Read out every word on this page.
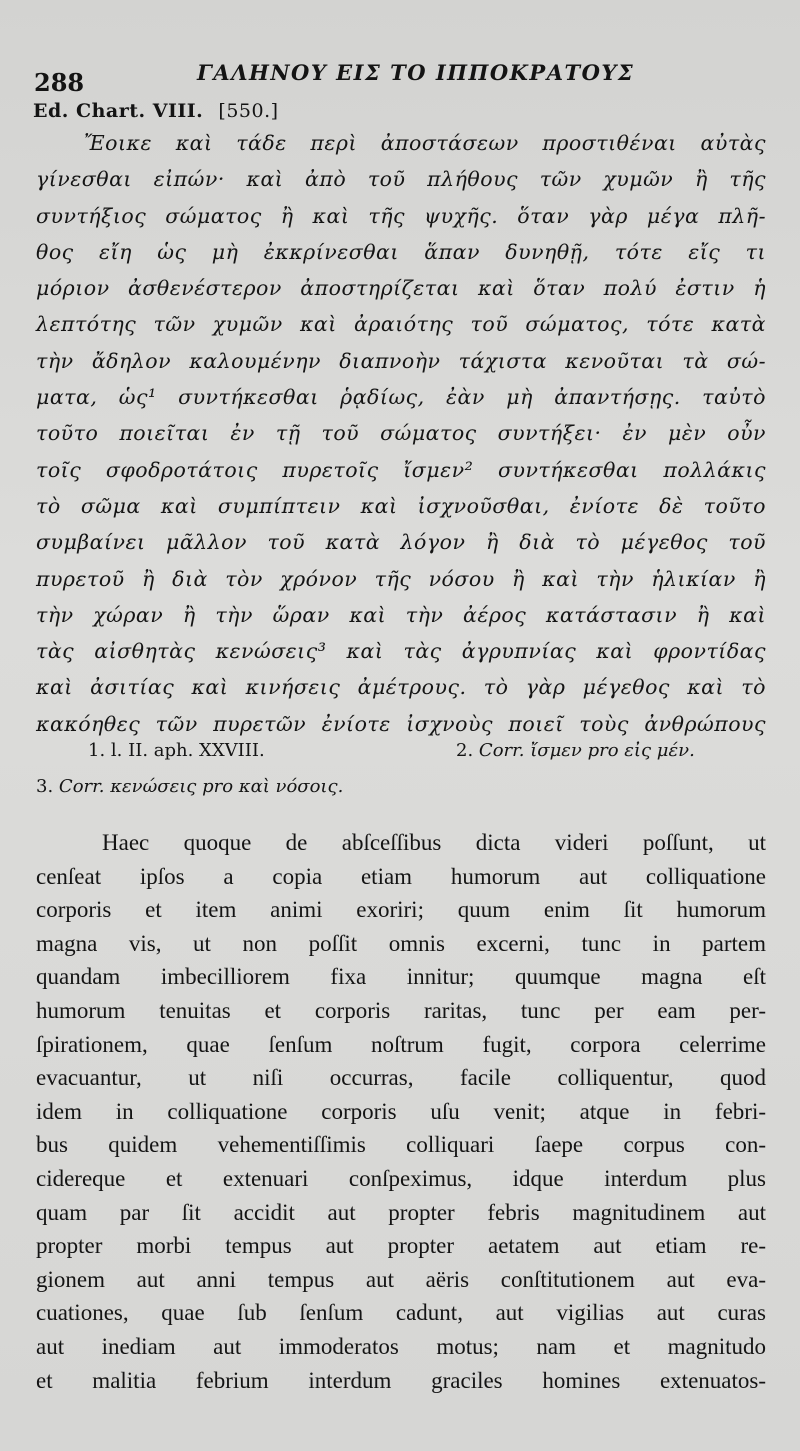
288	ΓΑΛΗΝΟΥ ΕΙΣ ΤΟ ΙΠΠΟΚΡΑΤΟΥΣ
Ed. Chart. VIII. [550.]
Ἔοικε καὶ τάδε περὶ ἀποστάσεων προστιθέναι αὐτὰς
γίνεσθαι εἰπών· καὶ ἀπὸ τοῦ πλήθους τῶν χυμῶν ἢ τῆς
συντήξιος σώματος ἢ καὶ τῆς ψυχῆς. ὅταν γὰρ μέγα πλῆ-
θος εἴη ὡς μὴ ἐκκρίνεσθαι ἅπαν δυνηθῇ, τότε εἴς τι
μόριον ἀσθενέστερον ἀποστηρίζεται καὶ ὅταν πολύ ἐστιν ἡ
λεπτότης τῶν χυμῶν καὶ ἀραιότης τοῦ σώματος, τότε κατὰ
τὴν ἄδηλον καλουμένην διαπνοὴν τάχιστα κενοῦται τὰ σώ-
ματα, ὡς¹ συντήκεσθαι ῥᾳδίως, ἐὰν μὴ ἀπαντήσῃς. ταὐτὸ
τοῦτο ποιεῖται ἐν τῇ τοῦ σώματος συντήξει· ἐν μὲν οὖν
τοῖς σφοδροτάτοις πυρετοῖς ἴσμεν² συντήκεσθαι πολλάκις
τὸ σῶμα καὶ συμπίπτειν καὶ ἰσχνοῦσθαι, ἐνίοτε δὲ τοῦτο
συμβαίνει μᾶλλον τοῦ κατὰ λόγον ἢ διὰ τὸ μέγεθος τοῦ
πυρετοῦ ἢ διὰ τὸν χρόνον τῆς νόσου ἢ καὶ τὴν ἡλικίαν ἢ
τὴν χώραν ἢ τὴν ὥραν καὶ τὴν ἀέρος κατάστασιν ἢ καὶ
τὰς αἰσθητὰς κενώσεις³ καὶ τὰς ἀγρυπνίας καὶ φροντίδας
καὶ ἀσιτίας καὶ κινήσεις ἀμέτρους. τὸ γὰρ μέγεθος καὶ τὸ
κακόηθες τῶν πυρετῶν ἐνίοτε ἰσχνοὺς ποιεῖ τοὺς ἀνθρώπους
1. l. II. aph. XXVIII.	2. Corr. ἴσμεν pro εἰς μέν.
3. Corr. κενώσεις pro καὶ νόσοις.
Haec quoque de abſceſſibus dicta videri poſſunt, ut
cenſeat ipſos a copia etiam humorum aut colliquatione
corporis et item animi exoriri; quum enim ſit humorum
magna vis, ut non poſſit omnis excerni, tunc in partem
quandam imbecilliorem fixa innitur; quumque magna eſt
humorum tenuitas et corporis raritas, tunc per eam per-
ſpirationem, quae ſenſum noſtrum fugit, corpora celerrime
evacuantur, ut niſi occurras, facile colliquentur, quod
idem in colliquatione corporis uſu venit; atque in febri-
bus quidem vehementiſſimis colliquari ſaepe corpus con-
cidereque et extenuari conſpeximus, idque interdum plus
quam par ſit accidit aut propter febris magnitudinem aut
propter morbi tempus aut propter aetatem aut etiam re-
gionem aut anni tempus aut aëris conſtitutionem aut eva-
cuationes, quae ſub ſenſum cadunt, aut vigilias aut curas
aut inediam aut immoderatos motus; nam et magnitudo
et malitia febrium interdum graciles homines extenuatos-
